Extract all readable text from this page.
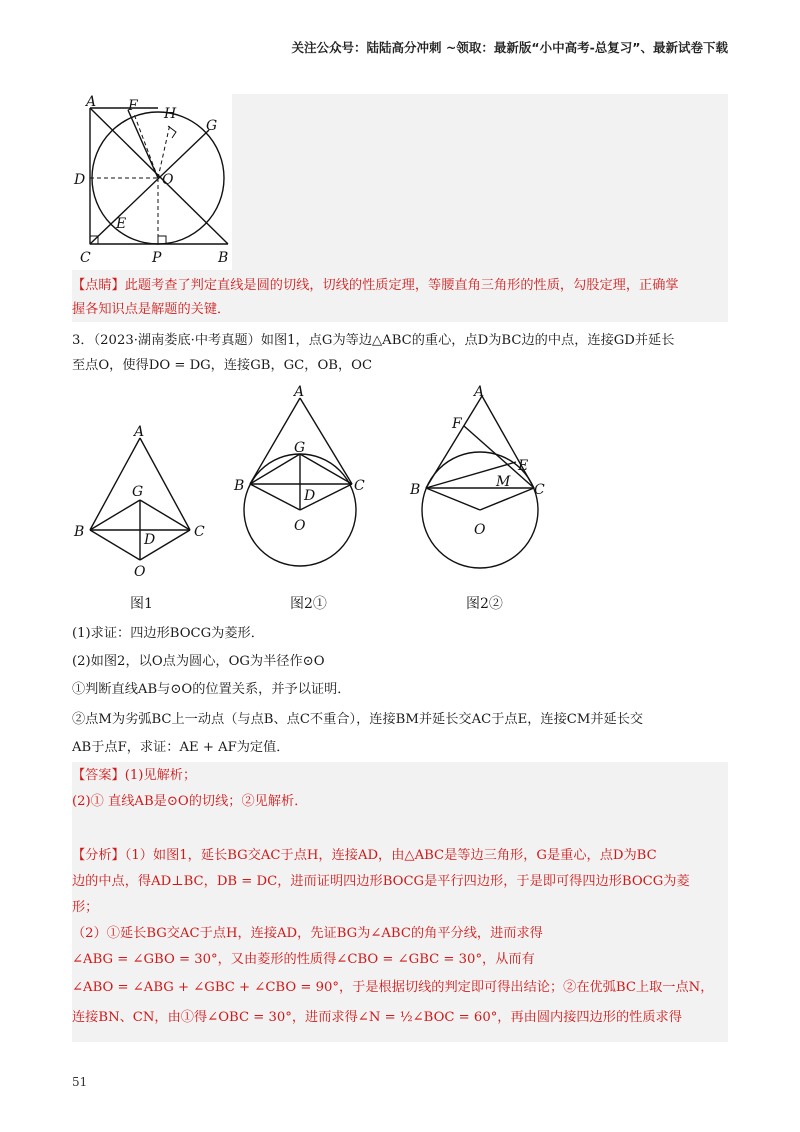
关注公众号：陆陆高分冲刺 ~领取：最新版“小中高考-总复习”、最新试卷下载
A F H
G
D	O
E
C	P	B
【点睛】此题考查了判定直线是圆的切线，切线的性质定理，等腰直角三角形的性质，勾股定理，正确掌
握各知识点是解题的关键．
3．（2023·湖南娄底·中考真题）如图1，点G为等边△ABC的重心，点D为BC边的中点，连接GD并延长
至点O，使得DO = DG，连接GB，GC，OB，OC
A
G
B	D	C
O
图1
A
G
B
D
C
O
图2①
A
F
E
M
B	C
O
图2②
(1)求证：四边形BOCG为菱形．
(2)如图2，以O点为圆心，OG为半径作⊙O
①判断直线AB与⊙O的位置关系，并予以证明．
②点M为劣弧BC上一动点（与点B、点C不重合），连接BM并延长交AC于点E，连接CM并延长交
AB于点F，求证：AE + AF为定值．
【答案】(1)见解析；
(2)① 直线AB是⊙O的切线；②见解析．
【分析】（1）如图1，延长BG交AC于点H，连接AD，由△ABC是等边三角形，G是重心，点D为BC
边的中点，得AD⊥BC，DB = DC，进而证明四边形BOCG是平行四边形，于是即可得四边形BOCG为菱
形；
（2）①延长BG交AC于点H，连接AD，先证BG为∠ABC的角平分线，进而求得
∠ABG = ∠GBO = 30°，又由菱形的性质得∠CBO = ∠GBC = 30°，从而有
∠ABO = ∠ABG + ∠GBC + ∠CBO = 90°，于是根据切线的判定即可得出结论；②在优弧BC上取一点N，
连接BN、CN，由①得∠OBC = 30°，进而求得∠N = ½∠BOC = 60°，再由圆内接四边形的性质求得
51
